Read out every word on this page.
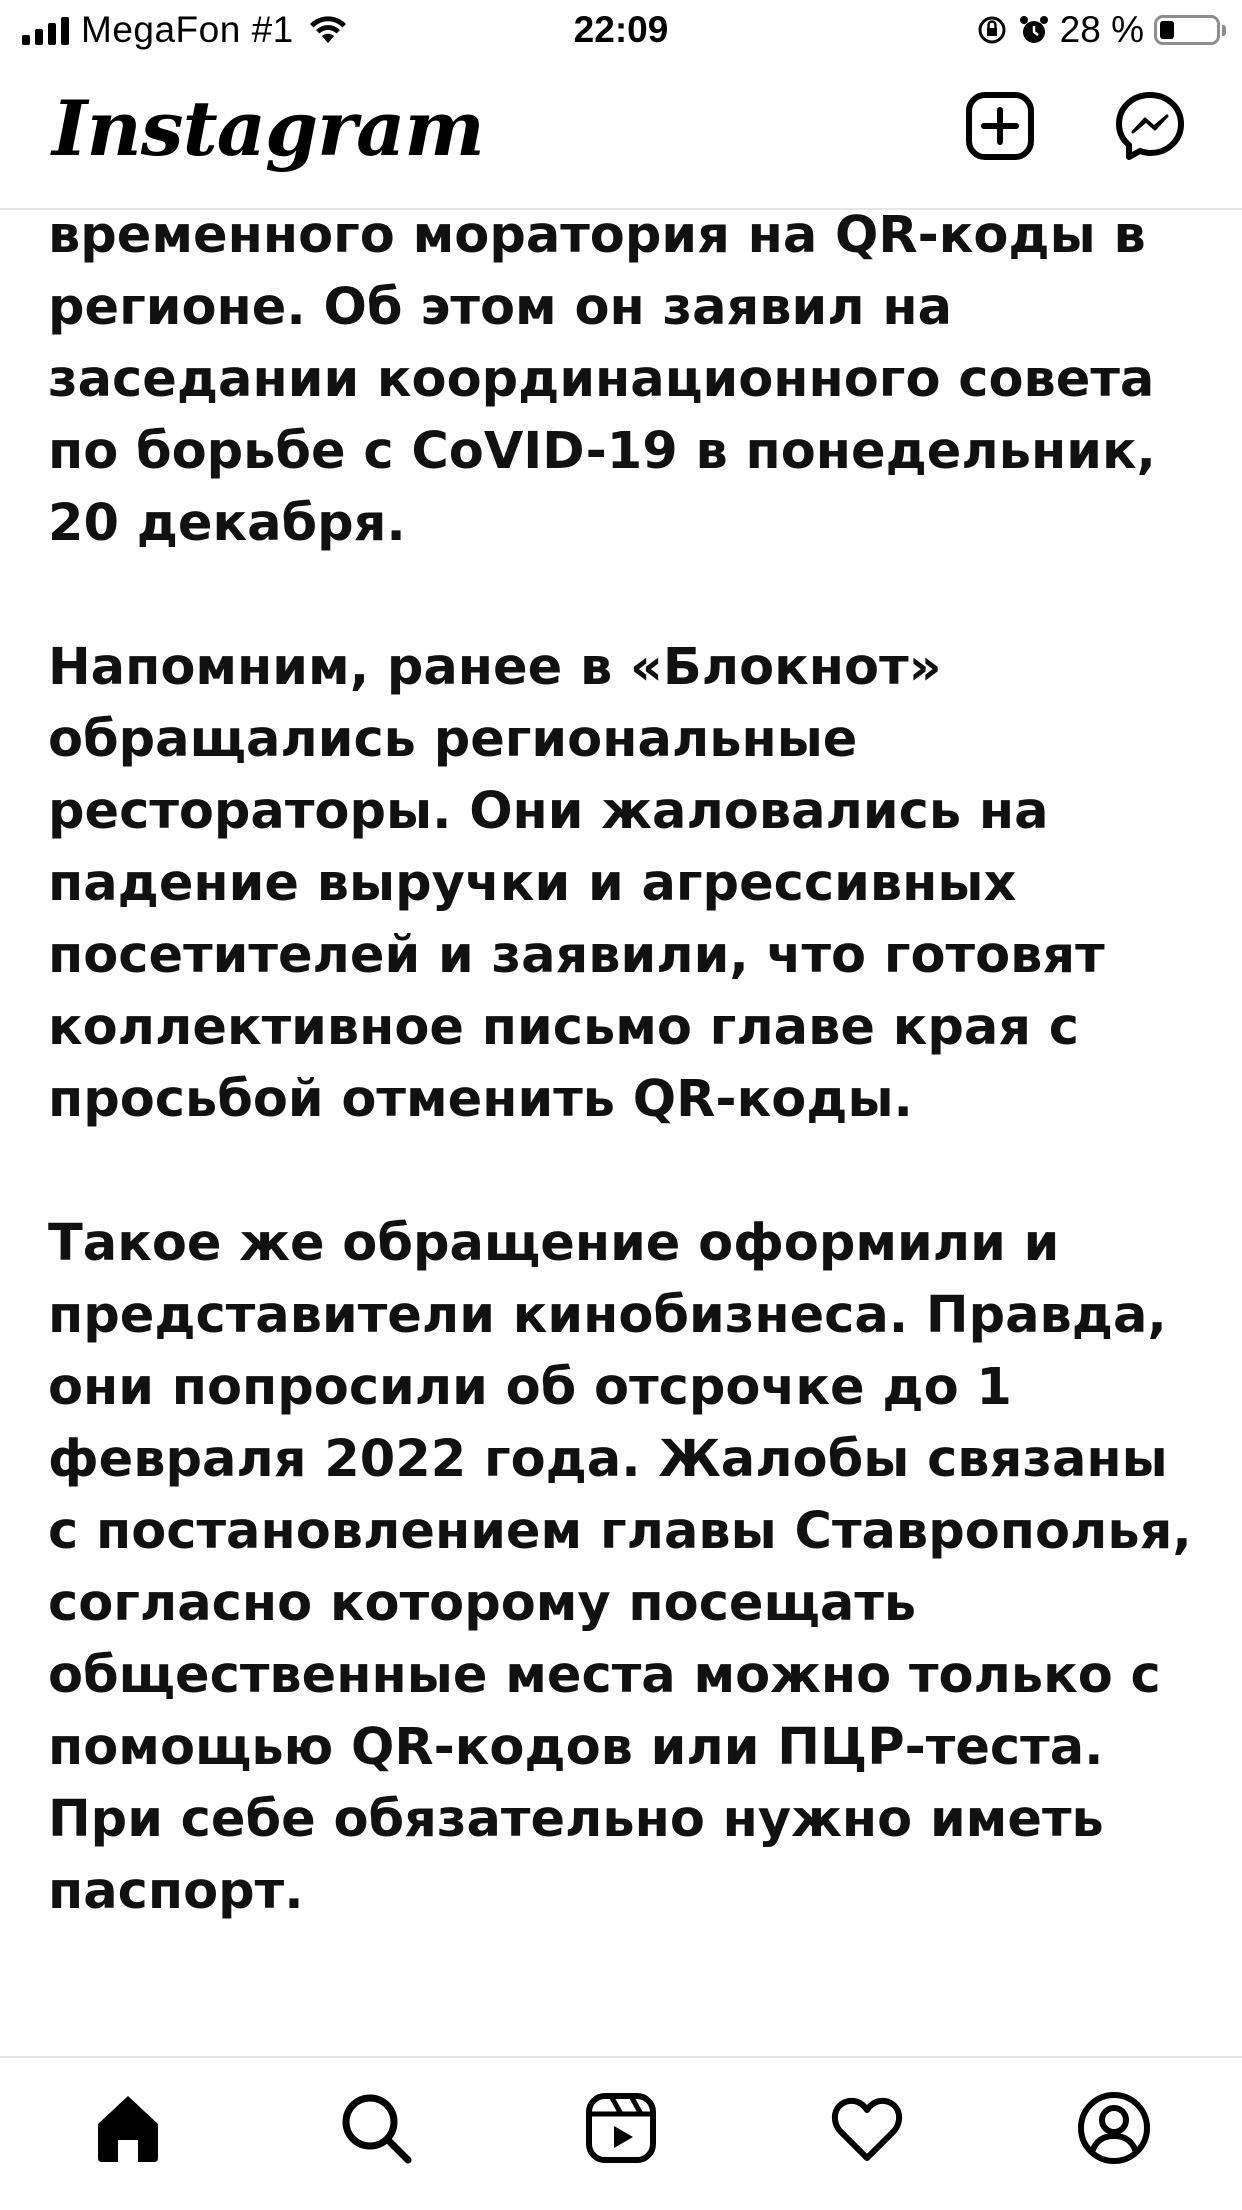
MegaFon #1	22:09	28 %
Instagram

временного моратория на QR-коды в регионе. Об этом он заявил на заседании координационного совета по борьбе с CoVID-19 в понедельник, 20 декабря.

Напомним, ранее в «Блокнот» обращались региональные рестораторы. Они жаловались на падение выручки и агрессивных посетителей и заявили, что готовят коллективное письмо главе края с просьбой отменить QR-коды.

Такое же обращение оформили и представители кинобизнеса. Правда, они попросили об отсрочке до 1 февраля 2022 года. Жалобы связаны с постановлением главы Ставрополья, согласно которому посещать общественные места можно только с помощью QR-кодов или ПЦР-теста. При себе обязательно нужно иметь паспорт.
